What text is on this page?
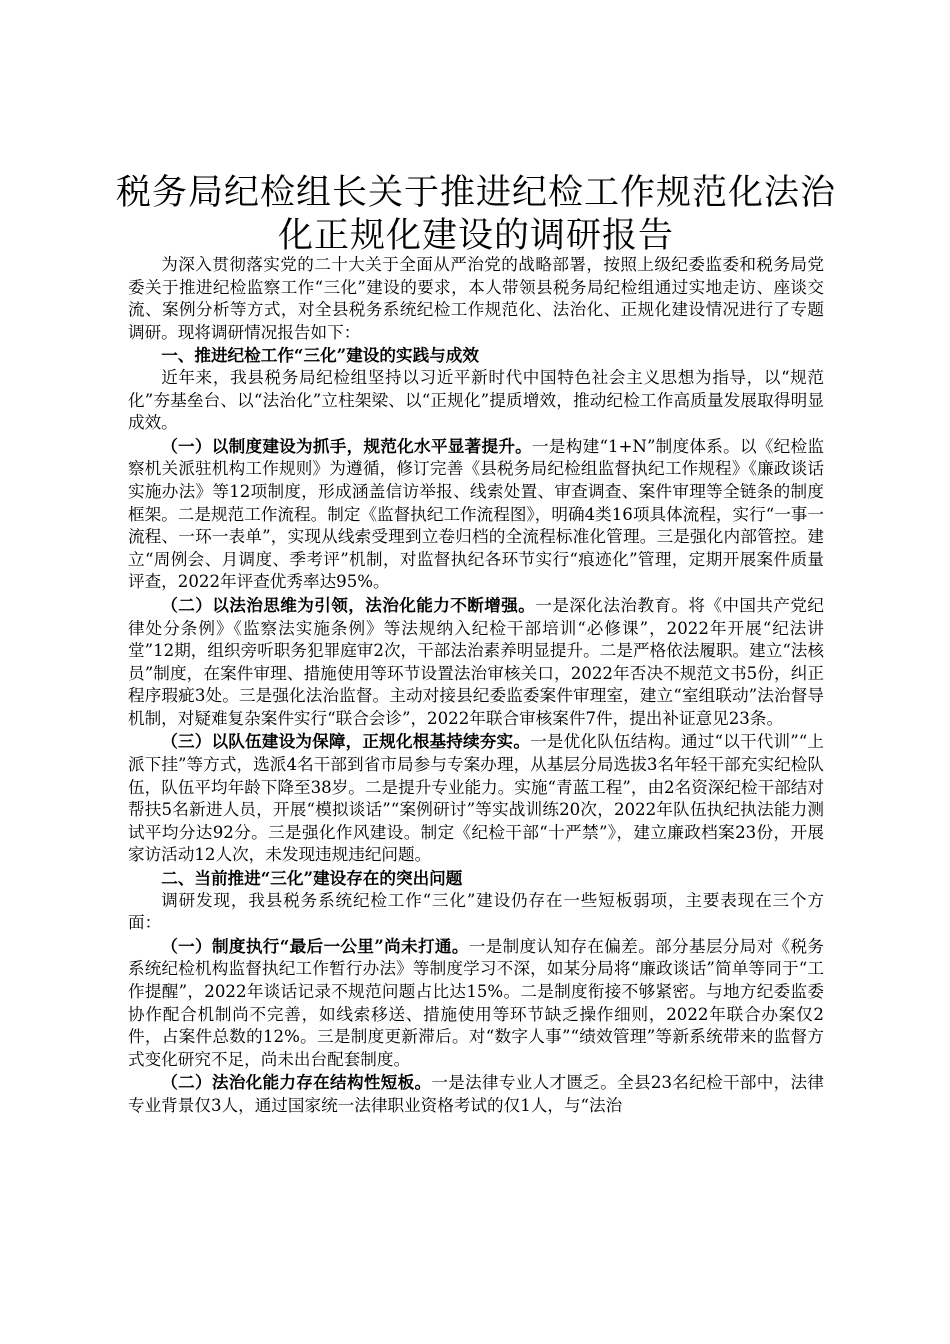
税务局纪检组长关于推进纪检工作规范化法治化正规化建设的调研报告

为深入贯彻落实党的二十大关于全面从严治党的战略部署，按照上级纪委监委和税务局党委关于推进纪检监察工作“三化”建设的要求，本人带领县税务局纪检组通过实地走访、座谈交流、案例分析等方式，对全县税务系统纪检工作规范化、法治化、正规化建设情况进行了专题调研。现将调研情况报告如下：

一、推进纪检工作“三化”建设的实践与成效

近年来，我县税务局纪检组坚持以习近平新时代中国特色社会主义思想为指导，以“规范化”夯基垒台、以“法治化”立柱架梁、以“正规化”提质增效，推动纪检工作高质量发展取得明显成效。

（一）以制度建设为抓手，规范化水平显著提升。一是构建“1+N”制度体系。以《纪检监察机关派驻机构工作规则》为遵循，修订完善《县税务局纪检组监督执纪工作规程》《廉政谈话实施办法》等12项制度，形成涵盖信访举报、线索处置、审查调查、案件审理等全链条的制度框架。二是规范工作流程。制定《监督执纪工作流程图》，明确4类16项具体流程，实行“一事一流程、一环一表单”，实现从线索受理到立卷归档的全流程标准化管理。三是强化内部管控。建立“周例会、月调度、季考评”机制，对监督执纪各环节实行“痕迹化”管理，定期开展案件质量评查，2022年评查优秀率达95%。

（二）以法治思维为引领，法治化能力不断增强。一是深化法治教育。将《中国共产党纪律处分条例》《监察法实施条例》等法规纳入纪检干部培训“必修课”，2022年开展“纪法讲堂”12期，组织旁听职务犯罪庭审2次，干部法治素养明显提升。二是严格依法履职。建立“法核员”制度，在案件审理、措施使用等环节设置法治审核关口，2022年否决不规范文书5份，纠正程序瑕疵3处。三是强化法治监督。主动对接县纪委监委案件审理室，建立“室组联动”法治督导机制，对疑难复杂案件实行“联合会诊”，2022年联合审核案件7件，提出补证意见23条。

（三）以队伍建设为保障，正规化根基持续夯实。一是优化队伍结构。通过“以干代训”“上派下挂”等方式，选派4名干部到省市局参与专案办理，从基层分局选拔3名年轻干部充实纪检队伍，队伍平均年龄下降至38岁。二是提升专业能力。实施“青蓝工程”，由2名资深纪检干部结对帮扶5名新进人员，开展“模拟谈话”“案例研讨”等实战训练20次，2022年队伍执纪执法能力测试平均分达92分。三是强化作风建设。制定《纪检干部“十严禁”》，建立廉政档案23份，开展家访活动12人次，未发现违规违纪问题。

二、当前推进“三化”建设存在的突出问题

调研发现，我县税务系统纪检工作“三化”建设仍存在一些短板弱项，主要表现在三个方面：

（一）制度执行“最后一公里”尚未打通。一是制度认知存在偏差。部分基层分局对《税务系统纪检机构监督执纪工作暂行办法》等制度学习不深，如某分局将“廉政谈话”简单等同于“工作提醒”，2022年谈话记录不规范问题占比达15%。二是制度衔接不够紧密。与地方纪委监委协作配合机制尚不完善，如线索移送、措施使用等环节缺乏操作细则，2022年联合办案仅2件，占案件总数的12%。三是制度更新滞后。对“数字人事”“绩效管理”等新系统带来的监督方式变化研究不足，尚未出台配套制度。

（二）法治化能力存在结构性短板。一是法律专业人才匮乏。全县23名纪检干部中，法律专业背景仅3人，通过国家统一法律职业资格考试的仅1人，与“法治
